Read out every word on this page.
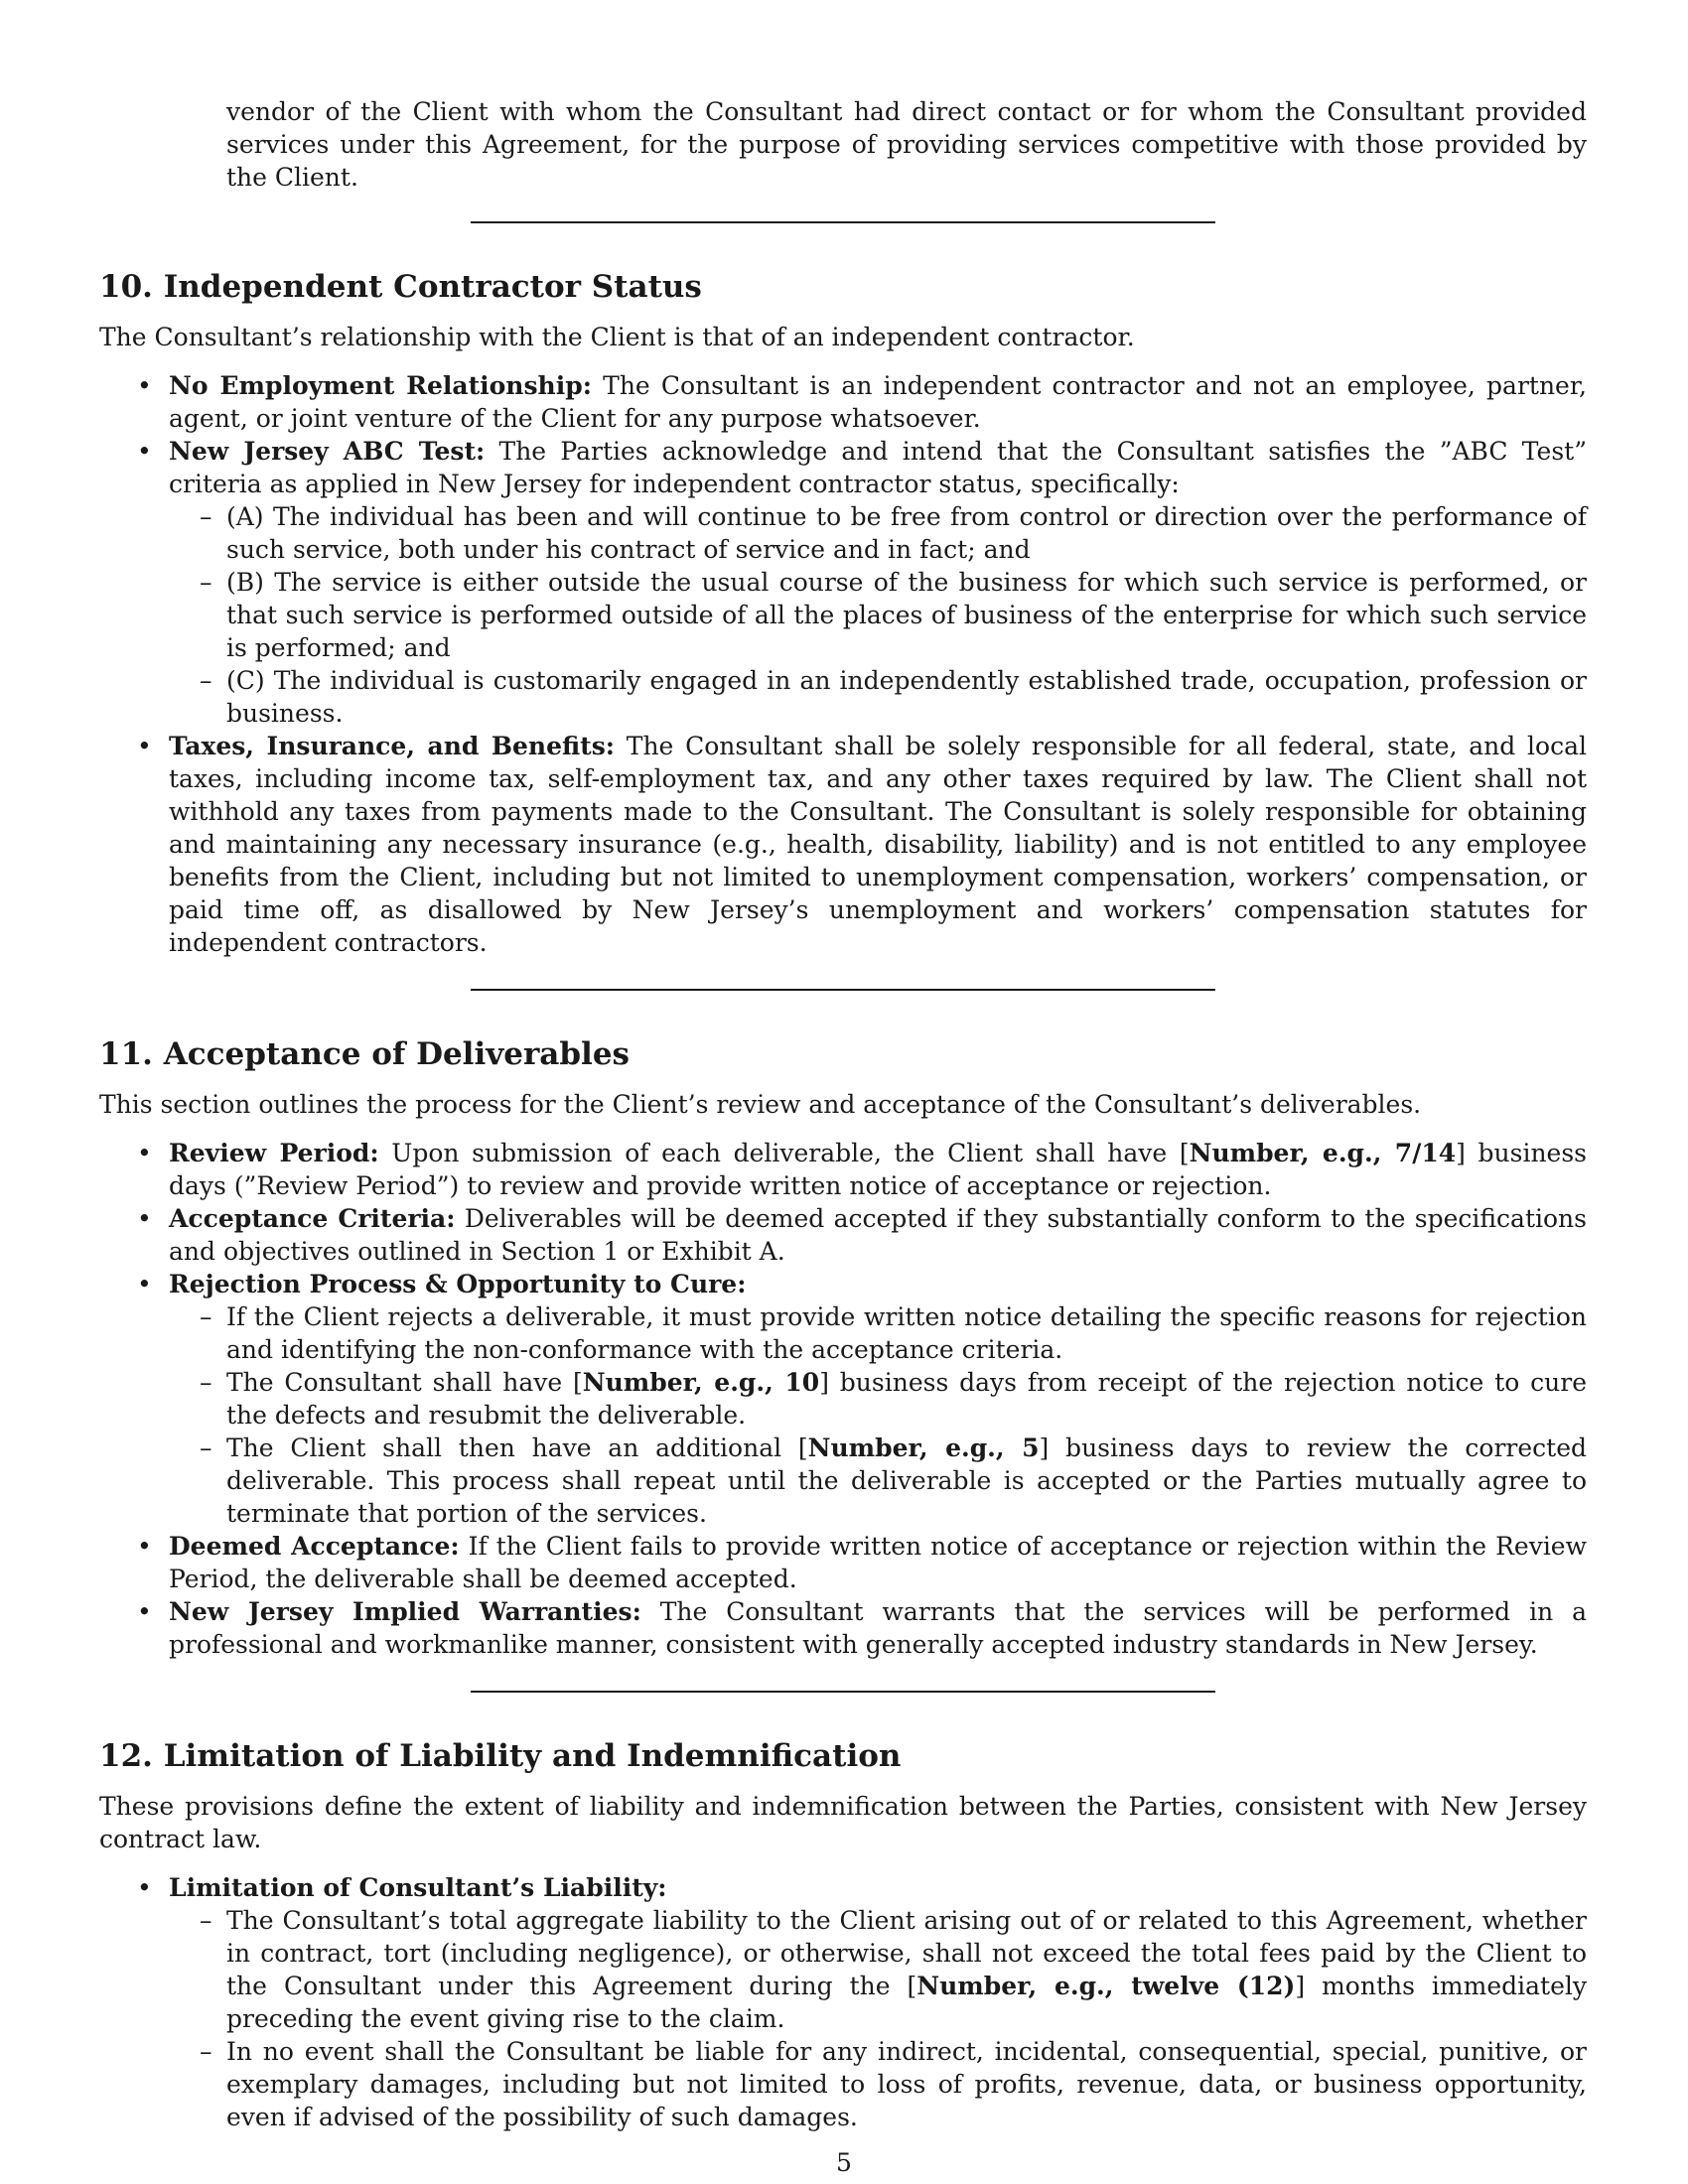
vendor of the Client with whom the Consultant had direct contact or for whom the Consultant provided services under this Agreement, for the purpose of providing services competitive with those provided by the Client.

10. Independent Contractor Status

The Consultant’s relationship with the Client is that of an independent contractor.

• No Employment Relationship: The Consultant is an independent contractor and not an employee, partner, agent, or joint venture of the Client for any purpose whatsoever.
• New Jersey ABC Test: The Parties acknowledge and intend that the Consultant satisfies the ”ABC Test” criteria as applied in New Jersey for independent contractor status, specifically:
– (A) The individual has been and will continue to be free from control or direction over the performance of such service, both under his contract of service and in fact; and
– (B) The service is either outside the usual course of the business for which such service is performed, or that such service is performed outside of all the places of business of the enterprise for which such service is performed; and
– (C) The individual is customarily engaged in an independently established trade, occupation, profession or business.
• Taxes, Insurance, and Benefits: The Consultant shall be solely responsible for all federal, state, and local taxes, including income tax, self-employment tax, and any other taxes required by law. The Client shall not withhold any taxes from payments made to the Consultant. The Consultant is solely responsible for obtaining and maintaining any necessary insurance (e.g., health, disability, liability) and is not entitled to any employee benefits from the Client, including but not limited to unemployment compensation, workers’ compensation, or paid time off, as disallowed by New Jersey’s unemployment and workers’ compensation statutes for independent contractors.
11. Acceptance of Deliverables

This section outlines the process for the Client’s review and acceptance of the Consultant’s deliverables.

• Review Period: Upon submission of each deliverable, the Client shall have [Number, e.g., 7/14] business days (”Review Period”) to review and provide written notice of acceptance or rejection.
• Acceptance Criteria: Deliverables will be deemed accepted if they substantially conform to the specifications and objectives outlined in Section 1 or Exhibit A.
• Rejection Process & Opportunity to Cure:
– If the Client rejects a deliverable, it must provide written notice detailing the specific reasons for rejection and identifying the non-conformance with the acceptance criteria.
– The Consultant shall have [Number, e.g., 10] business days from receipt of the rejection notice to cure the defects and resubmit the deliverable.
– The Client shall then have an additional [Number, e.g., 5] business days to review the corrected deliverable. This process shall repeat until the deliverable is accepted or the Parties mutually agree to terminate that portion of the services.
• Deemed Acceptance: If the Client fails to provide written notice of acceptance or rejection within the Review Period, the deliverable shall be deemed accepted.
• New Jersey Implied Warranties: The Consultant warrants that the services will be performed in a professional and workmanlike manner, consistent with generally accepted industry standards in New Jersey.
12. Limitation of Liability and Indemnification

These provisions define the extent of liability and indemnification between the Parties, consistent with New Jersey contract law.

• Limitation of Consultant’s Liability:
– The Consultant’s total aggregate liability to the Client arising out of or related to this Agreement, whether in contract, tort (including negligence), or otherwise, shall not exceed the total fees paid by the Client to the Consultant under this Agreement during the [Number, e.g., twelve (12)] months immediately preceding the event giving rise to the claim.
– In no event shall the Consultant be liable for any indirect, incidental, consequential, special, punitive, or exemplary damages, including but not limited to loss of profits, revenue, data, or business opportunity, even if advised of the possibility of such damages.
5
